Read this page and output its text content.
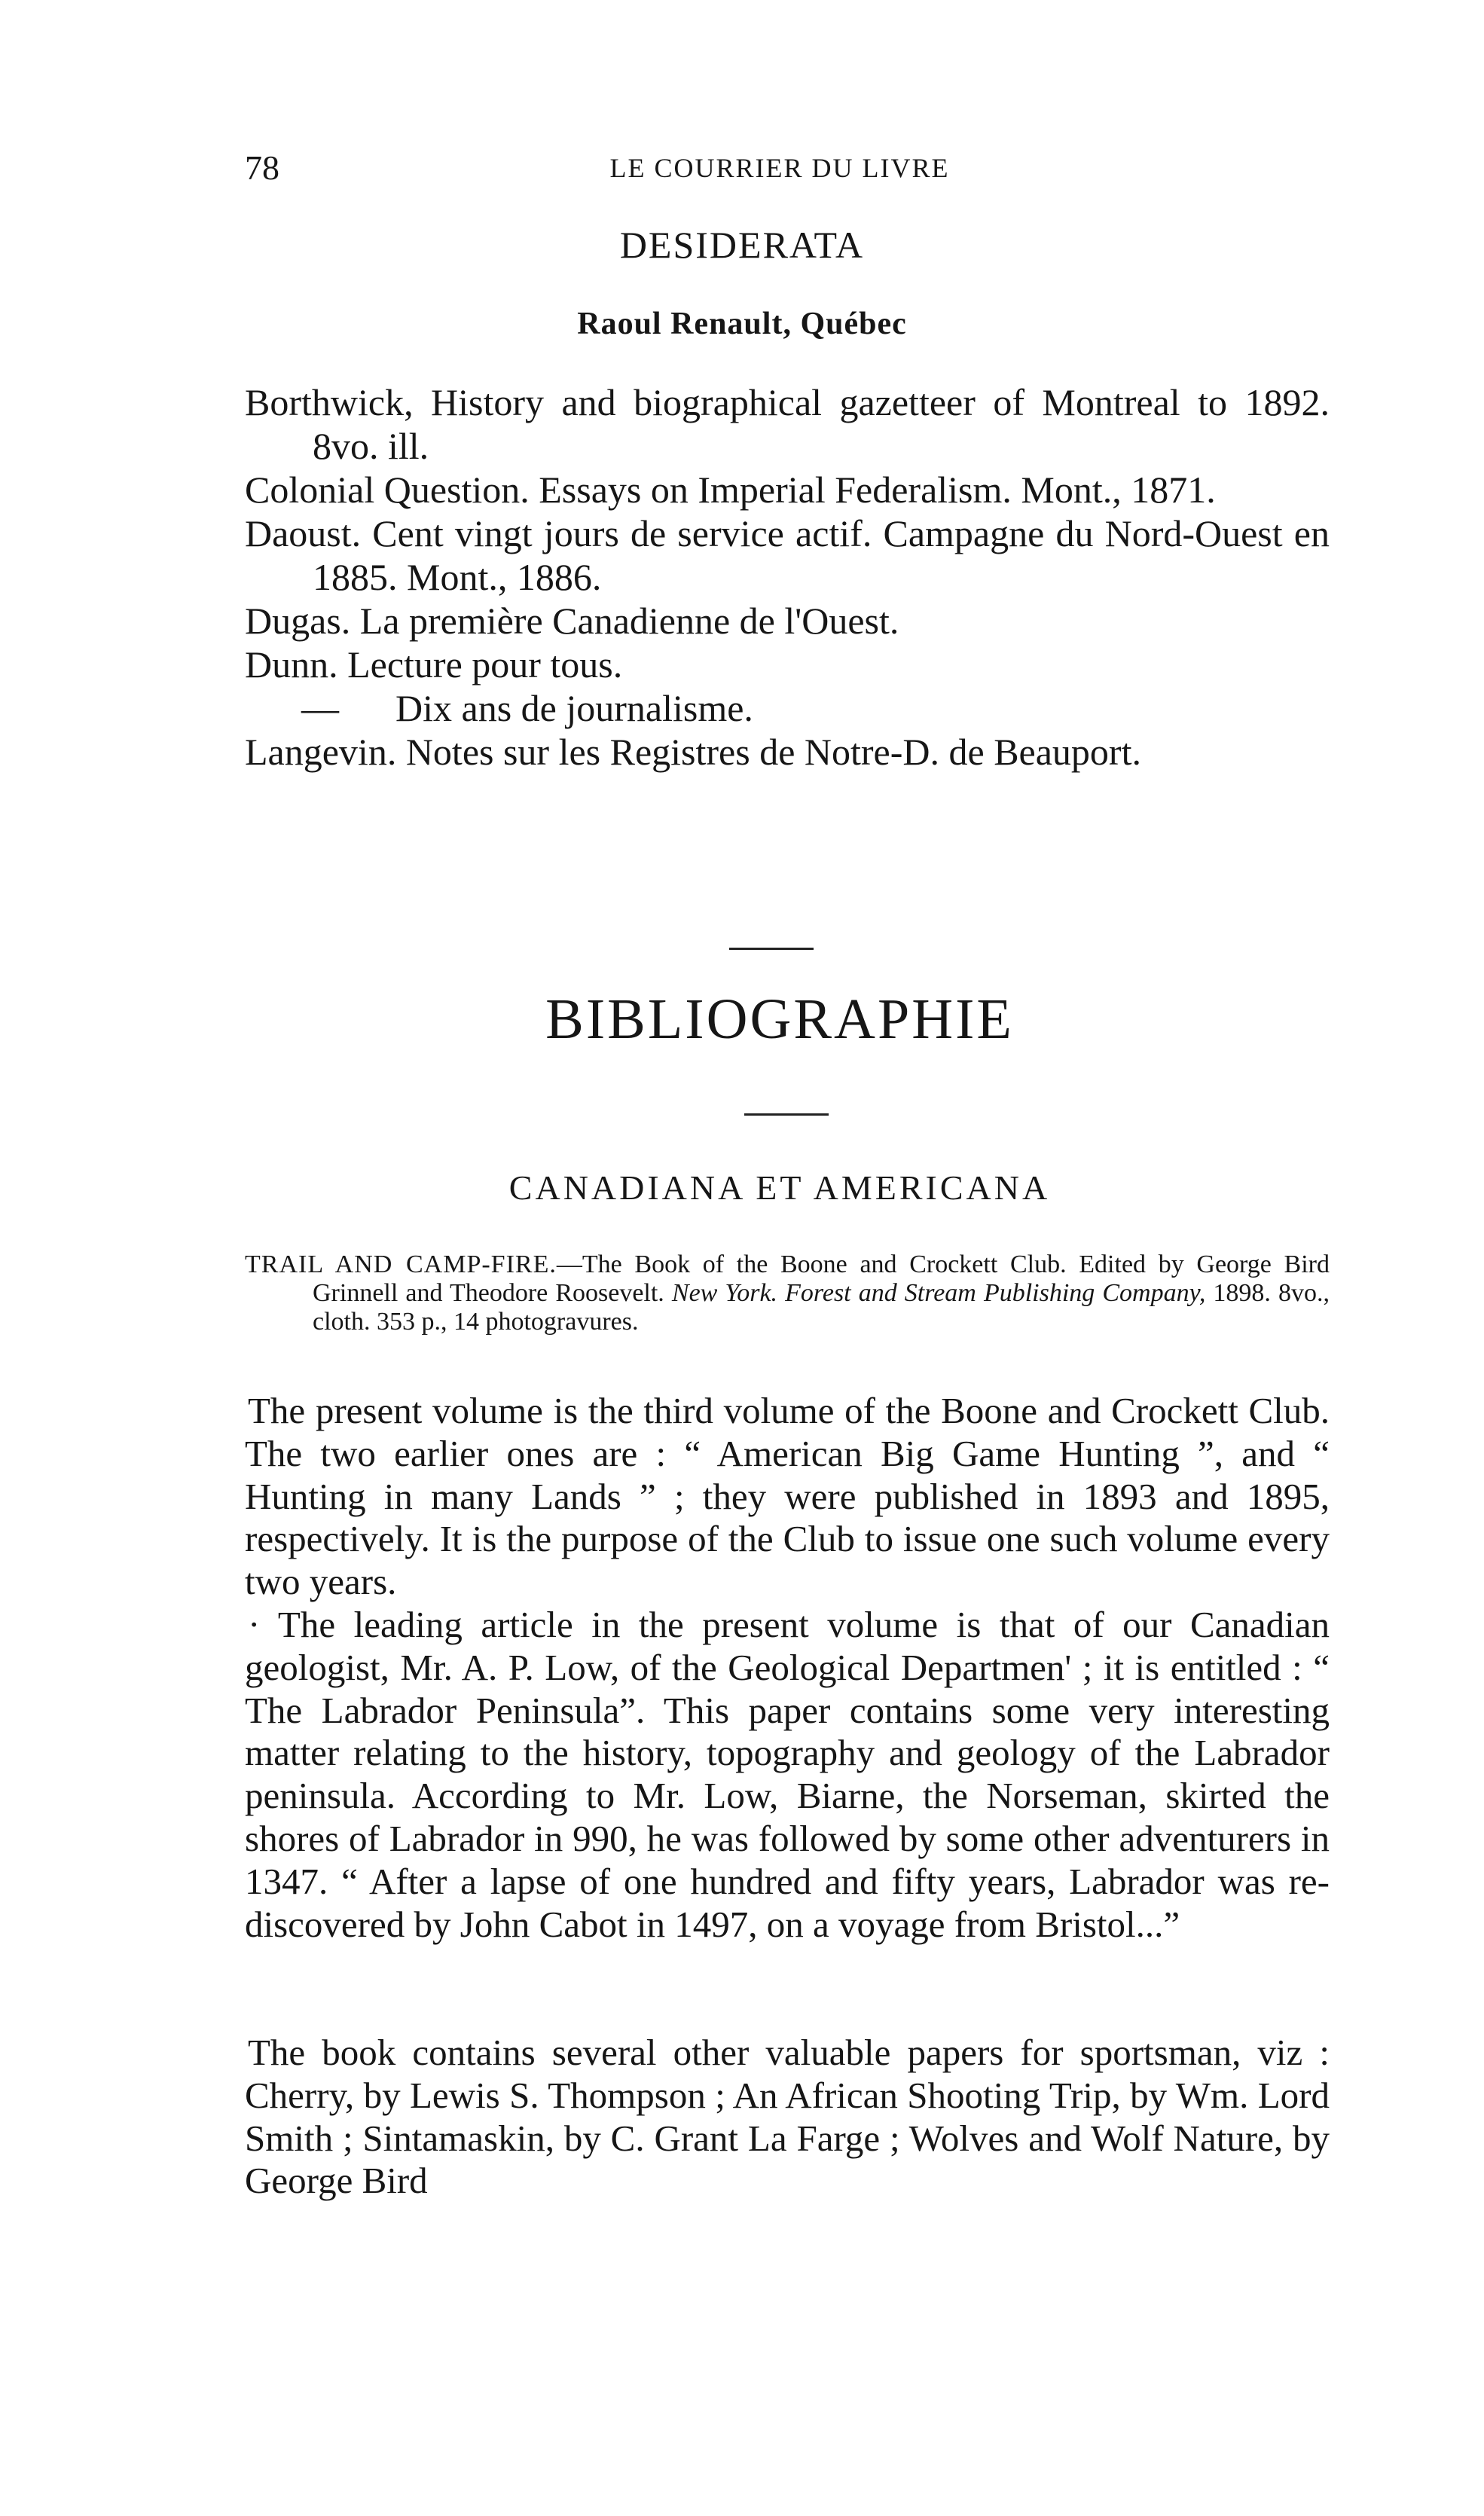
78	LE COURRIER DU LIVRE
DESIDERATA
Raoul Renault, Québec
Borthwick, History and biographical gazetteer of Montreal to 1892. 8vo. ill.
Colonial Question. Essays on Imperial Federalism. Mont., 1871.
Daoust. Cent vingt jours de service actif. Campagne du Nord-Ouest en 1885. Mont., 1886.
Dugas. La première Canadienne de l'Ouest.
Dunn. Lecture pour tous.
— Dix ans de journalisme.
Langevin. Notes sur les Registres de Notre-D. de Beauport.
BIBLIOGRAPHIE
CANADIANA ET AMERICANA

TRAIL AND CAMP-FIRE.—The Book of the Boone and Crockett Club. Edited by George Bird Grinnell and Theodore Roosevelt. New York. Forest and Stream Publishing Company, 1898. 8vo., cloth. 353 p., 14 photogravures.

The present volume is the third volume of the Boone and Crockett Club. The two earlier ones are : “ American Big Game Hunting ”, and “ Hunting in many Lands ” ; they were published in 1893 and 1895, respectively. It is the purpose of the Club to issue one such volume every two years.

· The leading article in the present volume is that of our Canadian geologist, Mr. A. P. Low, of the Geological Departmen' ; it is entitled : “ The Labrador Peninsula”. This paper contains some very interesting matter relating to the history, topography and geology of the Labrador peninsula. According to Mr. Low, Biarne, the Norseman, skirted the shores of Labrador in 990, he was followed by some other adventurers in 1347. “ After a lapse of one hundred and fifty years, Labrador was re-discovered by John Cabot in 1497, on a voyage from Bristol...”

The book contains several other valuable papers for sportsman, viz : Cherry, by Lewis S. Thompson ; An African Shooting Trip, by Wm. Lord Smith ; Sintamaskin, by C. Grant La Farge ; Wolves and Wolf Nature, by George Bird
